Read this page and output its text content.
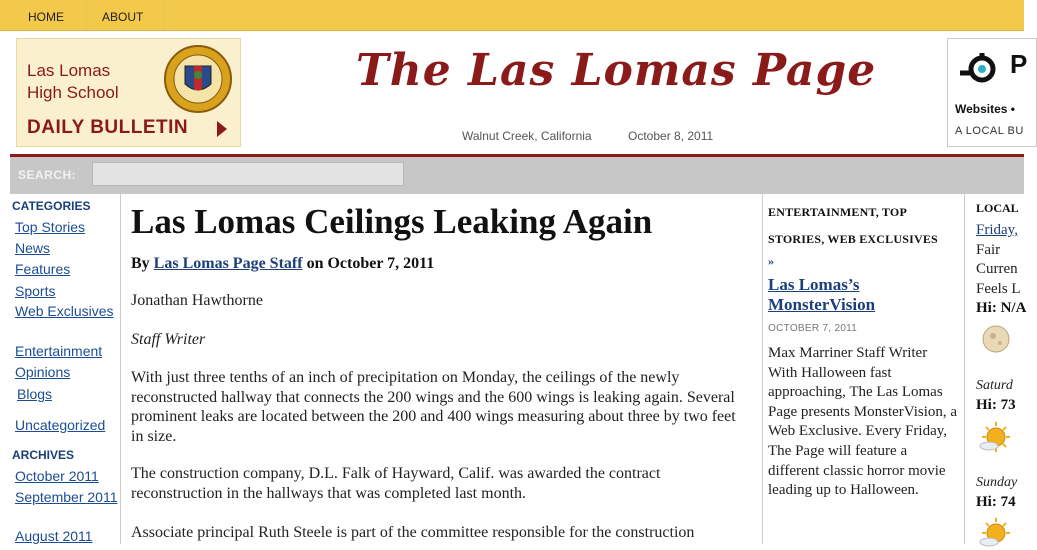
HOME	ABOUT
Las Lomas
High School
DAILY BULLETIN
The Las Lomas Page
Walnut Creek, California	October 8, 2011
P
Websites •
A LOCAL BU
SEARCH:
CATEGORIES
Top Stories
News
Features
Sports
Web Exclusives
Entertainment
Opinions
Blogs
Uncategorized
ARCHIVES
October 2011
September 2011
August 2011
Las Lomas Ceilings Leaking Again
By Las Lomas Page Staff on October 7, 2011
Jonathan Hawthorne
Staff Writer
With just three tenths of an inch of precipitation on Monday, the ceilings of the newly reconstructed hallway that connects the 200 wings and the 600 wings is leaking again. Several prominent leaks are located between the 200 and 400 wings measuring about three by two feet in size.
The construction company, D.L. Falk of Hayward, Calif. was awarded the contract reconstruction in the hallways that was completed last month.
Associate principal Ruth Steele is part of the committee responsible for the construction
ENTERTAINMENT, TOP STORIES, WEB EXCLUSIVES
»
Las Lomas’s MonsterVision
OCTOBER 7, 2011
Max Marriner Staff Writer With Halloween fast approaching, The Las Lomas Page presents MonsterVision, a Web Exclusive. Every Friday, The Page will feature a different classic horror movie leading up to Halloween.
LOCAL
Friday,
Fair
Curren
Feels L
Hi: N/A
Saturd
Hi: 73
Sunday
Hi: 74
